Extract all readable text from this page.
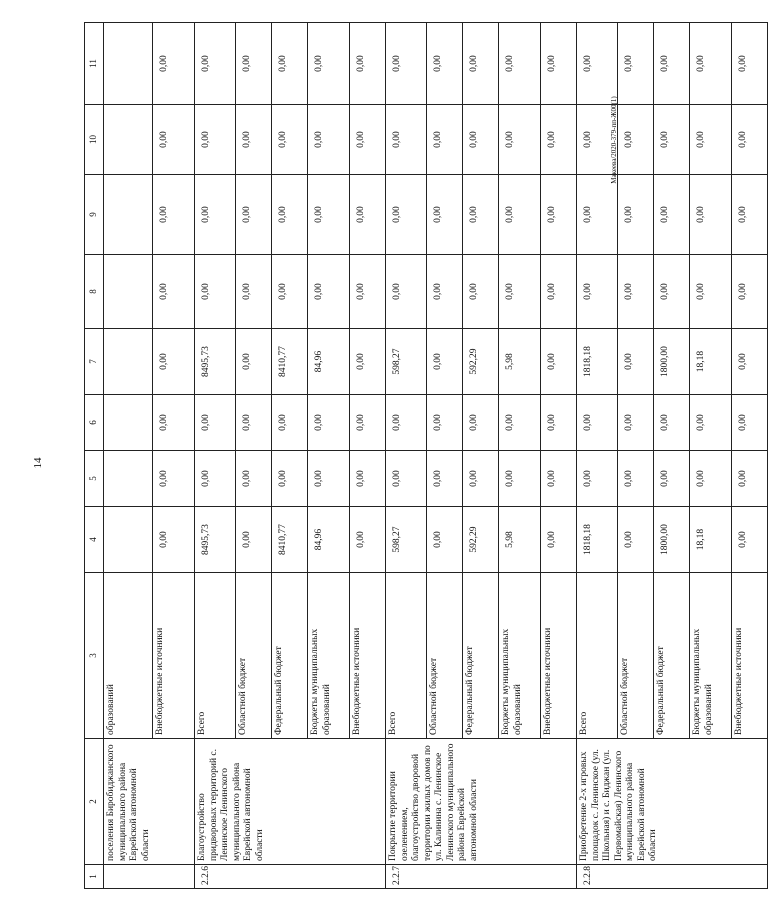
14
Макеева/2020-379-пп-Ж00(1)
1	2	3	4	5	6	7	8	9	10	11
	поселения Биробиджанского муниципального района Еврейской автономной области	образований								
		Внебюджетные источники	0,00	0,00	0,00	0,00	0,00	0,00	0,00	0,00
2.2.6	Благоустройство придворовых территорий с. Ленинское Ленинского муниципального района Еврейской автономной области	Всего	8495,73	0,00	0,00	8495,73	0,00	0,00	0,00	0,00
		Областной бюджет	0,00	0,00	0,00	0,00	0,00	0,00	0,00	0,00
		Федеральный бюджет	8410,77	0,00	0,00	8410,77	0,00	0,00	0,00	0,00
		Бюджеты муниципальных образований	84,96	0,00	0,00	84,96	0,00	0,00	0,00	0,00
		Внебюджетные источники	0,00	0,00	0,00	0,00	0,00	0,00	0,00	0,00
2.2.7	Покрытие территории озеленением, благоустройство дворовой территории жилых домов по ул. Калинина с. Ленинское Ленинского муниципального района Еврейской автономной области	Всего	598,27	0,00	0,00	598,27	0,00	0,00	0,00	0,00
		Областной бюджет	0,00	0,00	0,00	0,00	0,00	0,00	0,00	0,00
		Федеральный бюджет	592,29	0,00	0,00	592,29	0,00	0,00	0,00	0,00
		Бюджеты муниципальных образований	5,98	0,00	0,00	5,98	0,00	0,00	0,00	0,00
		Внебюджетные источники	0,00	0,00	0,00	0,00	0,00	0,00	0,00	0,00
2.2.8	Приобретение 2-х игровых площадок с. Ленинское (ул. Школьная) и с. Биджан (ул. Первомайская) Ленинского муниципального района Еврейской автономной области	Всего	1818,18	0,00	0,00	1818,18	0,00	0,00	0,00	0,00
		Областной бюджет	0,00	0,00	0,00	0,00	0,00	0,00	0,00	0,00
		Федеральный бюджет	1800,00	0,00	0,00	1800,00	0,00	0,00	0,00	0,00
		Бюджеты муниципальных образований	18,18	0,00	0,00	18,18	0,00	0,00	0,00	0,00
		Внебюджетные источники	0,00	0,00	0,00	0,00	0,00	0,00	0,00	0,00
